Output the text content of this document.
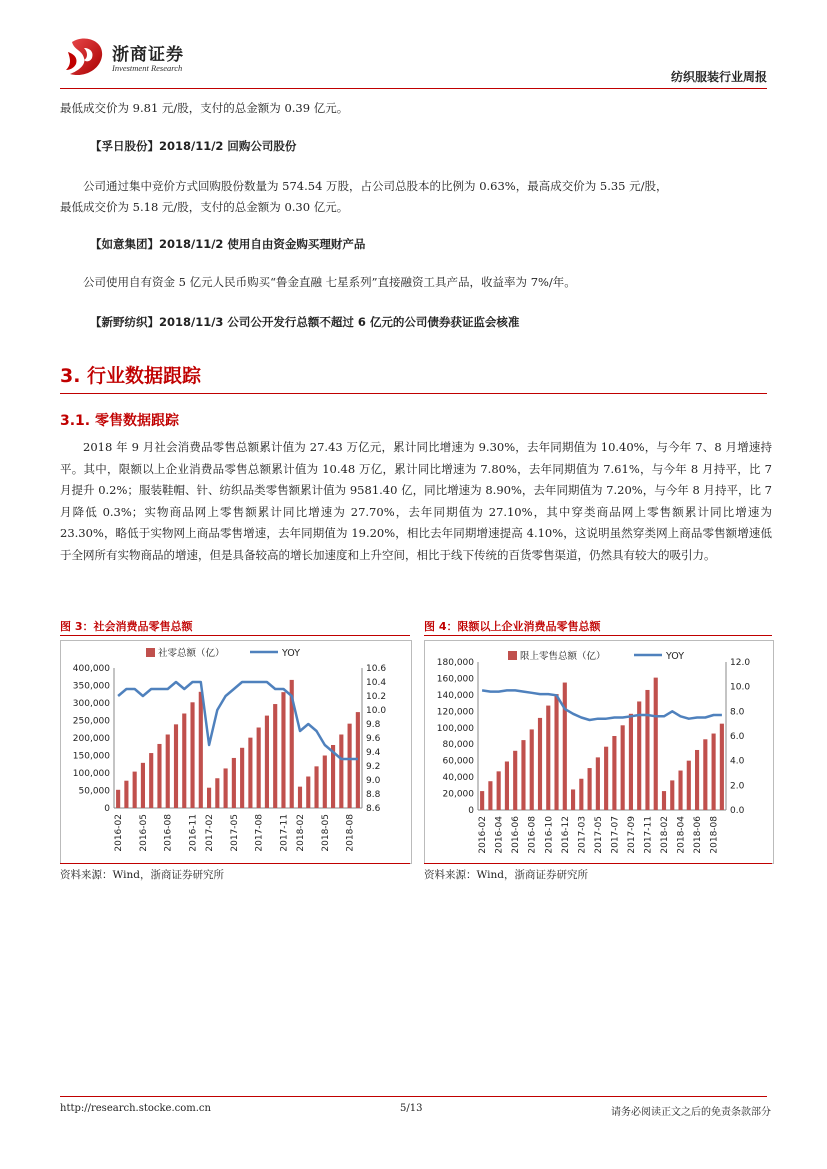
浙商证券
Investment Research
纺织服装行业周报

最低成交价为 9.81 元/股，支付的总金额为 0.39 亿元。

【孚日股份】2018/11/2 回购公司股份

公司通过集中竞价方式回购股份数量为 574.54 万股，占公司总股本的比例为 0.63%，最高成交价为 5.35 元/股，

最低成交价为 5.18 元/股，支付的总金额为 0.30 亿元。

【如意集团】2018/11/2 使用自由资金购买理财产品

公司使用自有资金 5 亿元人民币购买“鲁金直融 七星系列”直接融资工具产品，收益率为 7%/年。

【新野纺织】2018/11/3 公司公开发行总额不超过 6 亿元的公司债券获证监会核准
3. 行业数据跟踪
3.1. 零售数据跟踪

2018 年 9 月社会消费品零售总额累计值为 27.43 万亿元，累计同比增速为 9.30%，去年同期值为 10.40%，与今年 7、8 月增速持平。其中，限额以上企业消费品零售总额累计值为 10.48 万亿，累计同比增速为 7.80%，去年同期值为 7.61%，与今年 8 月持平，比 7 月提升 0.2%；服装鞋帽、针、纺织品类零售额累计值为 9581.40 亿，同比增速为 8.90%，去年同期值为 7.20%，与今年 8 月持平，比 7 月降低 0.3%；实物商品网上零售额累计同比增速为 27.70%，去年同期值为 27.10%，其中穿类商品网上零售额累计同比增速为 23.30%，略低于实物网上商品零售增速，去年同期值为 19.20%，相比去年同期增速提高 4.10%，这说明虽然穿类网上商品零售额增速低于全网所有实物商品的增速，但是具备较高的增长加速度和上升空间，相比于线下传统的百货零售渠道，仍然具有较大的吸引力。

图 3：社会消费品零售总额
0
50,000
100,000
150,000
200,000
250,000
300,000
350,000
400,000
8.6
8.8
9.0
9.2
9.4
9.6
9.8
10.0
10.2
10.4
10.6
2016-02 2016-05 2016-08 2016-11 2017-02 2017-05 2017-08 2017-11 2018-02 2018-05 2018-08
社零总额（亿）	YOY
资料来源：Wind，浙商证券研究所
图 4：限额以上企业消费品零售总额
0
20,000
40,000
60,000
80,000
100,000
120,000
140,000
160,000
180,000
0.0
2.0
4.0
6.0
8.0
10.0
12.0
2016-02 2016-04 2016-06 2016-08 2016-10 2016-12 2017-03 2017-05 2017-07 2017-09 2017-11 2018-02 2018-04 2018-06 2018-08
限上零售总额（亿）	YOY
资料来源：Wind，浙商证券研究所
http://research.stocke.com.cn	5/13	请务必阅读正文之后的免责条款部分
